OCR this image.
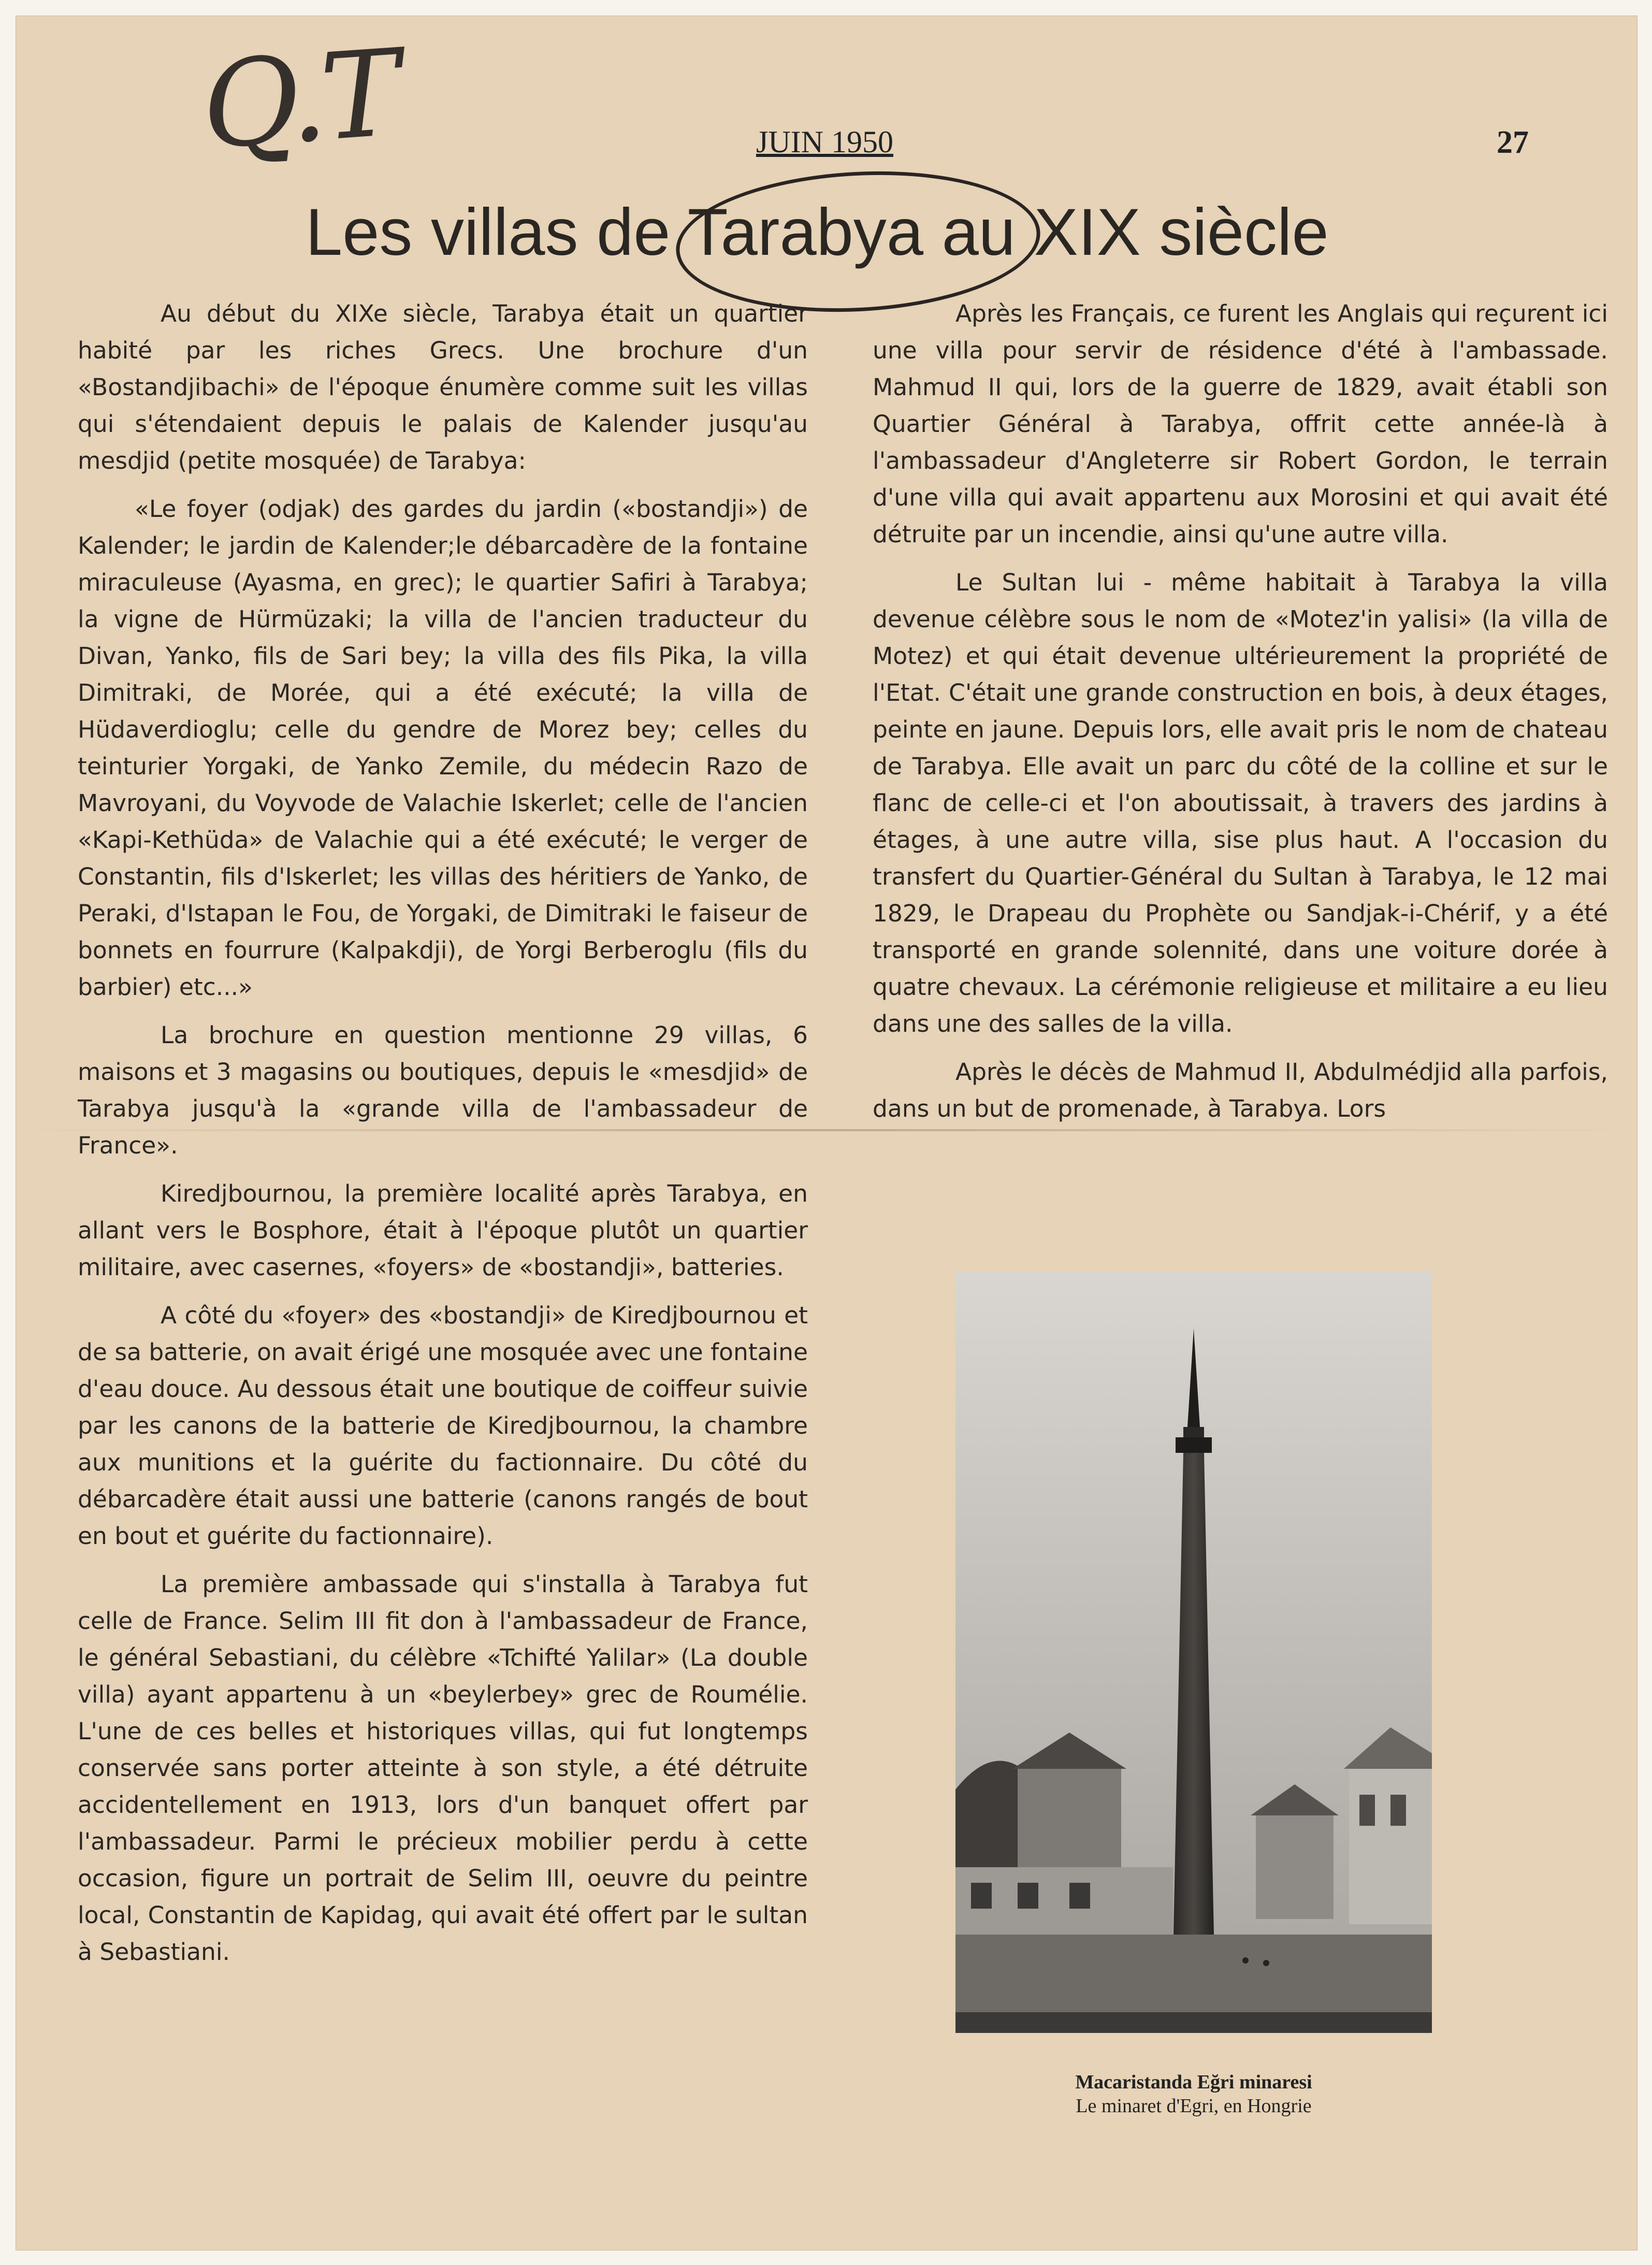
Q.T	JUIN 1950	27
Les villas de Tarabya au XIX siècle

Au début du XIXe siècle, Tarabya était un quartier habité par les riches Grecs. Une brochure d'un «Bostandjibachi» de l'époque énumère comme suit les villas qui s'étendaient depuis le palais de Kalender jusqu'au mesdjid (petite mosquée) de Tarabya:

«Le foyer (odjak) des gardes du jardin («bostandji») de Kalender; le jardin de Kalender;le débarcadère de la fontaine miraculeuse (Ayasma, en grec); le quartier Safiri à Tarabya; la vigne de Hürmüzaki; la villa de l'ancien traducteur du Divan, Yanko, fils de Sari bey; la villa des fils Pika, la villa Dimitraki, de Morée, qui a été exécuté; la villa de Hüdaverdioglu; celle du gendre de Morez bey; celles du teinturier Yorgaki, de Yanko Zemile, du médecin Razo de Mavroyani, du Voyvode de Valachie Iskerlet; celle de l'ancien «Kapi-Kethüda» de Valachie qui a été exécuté; le verger de Constantin, fils d'Iskerlet; les villas des héritiers de Yanko, de Peraki, d'Istapan le Fou, de Yorgaki, de Dimitraki le faiseur de bonnets en fourrure (Kalpakdji), de Yorgi Berberoglu (fils du barbier) etc...»

La brochure en question mentionne 29 villas, 6 maisons et 3 magasins ou boutiques, depuis le «mesdjid» de Tarabya jusqu'à la «grande villa de l'ambassadeur de France».

Kiredjbournou, la première localité après Tarabya, en allant vers le Bosphore, était à l'époque plutôt un quartier militaire, avec casernes, «foyers» de «bostandji», batteries.

A côté du «foyer» des «bostandji» de Kiredjbournou et de sa batterie, on avait érigé une mosquée avec une fontaine d'eau douce. Au dessous était une boutique de coiffeur suivie par les canons de la batterie de Kiredjbournou, la chambre aux munitions et la guérite du factionnaire. Du côté du débarcadère était aussi une batterie (canons rangés de bout en bout et guérite du factionnaire).

La première ambassade qui s'installa à Tarabya fut celle de France. Selim III fit don à l'ambassadeur de France, le général Sebastiani, du célèbre «Tchifté Yalilar» (La double villa) ayant appartenu à un «beylerbey» grec de Roumélie. L'une de ces belles et historiques villas, qui fut longtemps conservée sans porter atteinte à son style, a été détruite accidentellement en 1913, lors d'un banquet offert par l'ambassadeur. Parmi le précieux mobilier perdu à cette occasion, figure un portrait de Selim III, oeuvre du peintre local, Constantin de Kapidag, qui avait été offert par le sultan à Sebastiani.

Après les Français, ce furent les Anglais qui reçurent ici une villa pour servir de résidence d'été à l'ambassade. Mahmud II qui, lors de la guerre de 1829, avait établi son Quartier Général à Tarabya, offrit cette année-là à l'ambassadeur d'Angleterre sir Robert Gordon, le terrain d'une villa qui avait appartenu aux Morosini et qui avait été détruite par un incendie, ainsi qu'une autre villa.

Le Sultan lui - même habitait à Tarabya la villa devenue célèbre sous le nom de «Motez'in yalisi» (la villa de Motez) et qui était devenue ultérieurement la propriété de l'Etat. C'était une grande construction en bois, à deux étages, peinte en jaune. Depuis lors, elle avait pris le nom de chateau de Tarabya. Elle avait un parc du côté de la colline et sur le flanc de celle-ci et l'on aboutissait, à travers des jardins à étages, à une autre villa, sise plus haut. A l'occasion du transfert du Quartier-Général du Sultan à Tarabya, le 12 mai 1829, le Drapeau du Prophète ou Sandjak-i-Chérif, y a été transporté en grande solennité, dans une voiture dorée à quatre chevaux. La cérémonie religieuse et militaire a eu lieu dans une des salles de la villa.

Après le décès de Mahmud II, Abdulmédjid alla parfois, dans un but de promenade, à Tarabya. Lors

Macaristanda Eğri minaresi
Le minaret d'Egri, en Hongrie
